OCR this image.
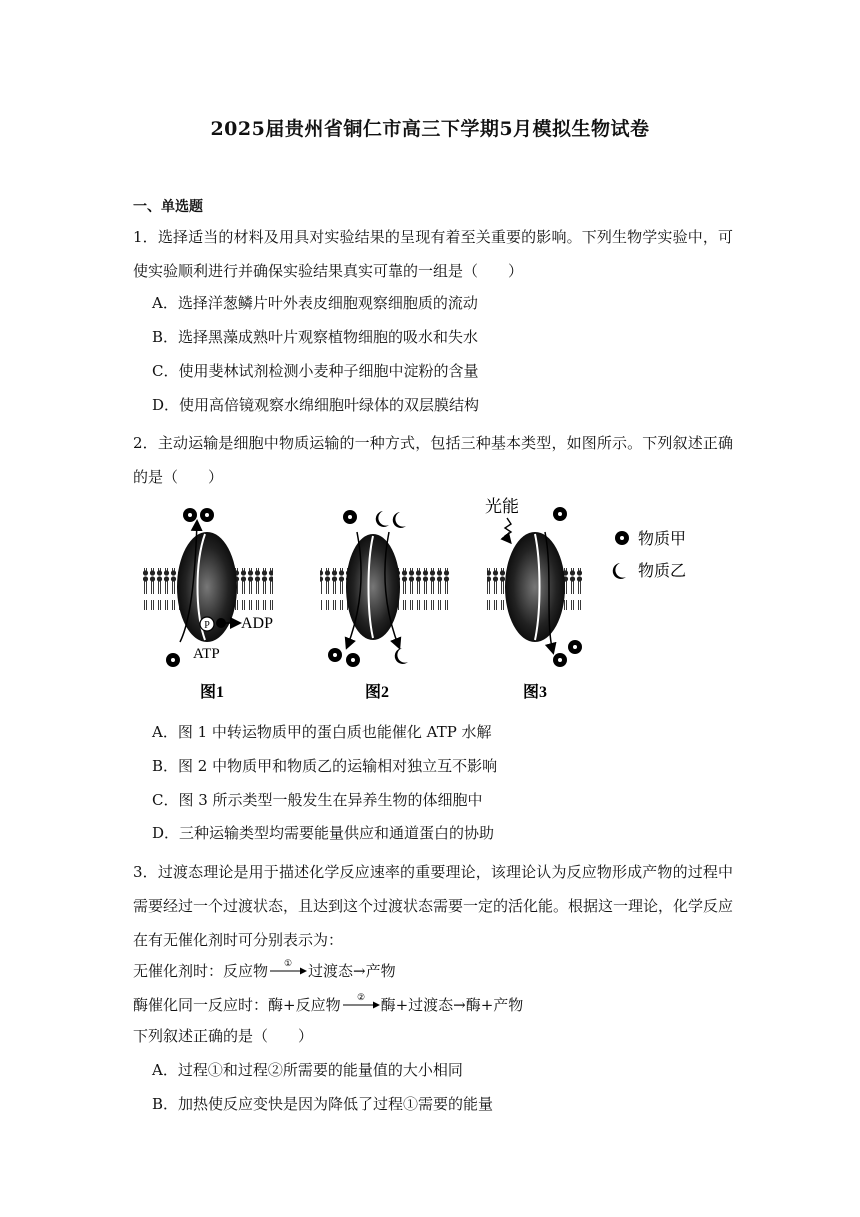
2025届贵州省铜仁市高三下学期5月模拟生物试卷
一、单选题
1．选择适当的材料及用具对实验结果的呈现有着至关重要的影响。下列生物学实验中，可使实验顺利进行并确保实验结果真实可靠的一组是（　　）
A．选择洋葱鳞片叶外表皮细胞观察细胞质的流动
B．选择黑藻成熟叶片观察植物细胞的吸水和失水
C．使用斐林试剂检测小麦种子细胞中淀粉的含量
D．使用高倍镜观察水绵细胞叶绿体的双层膜结构
2．主动运输是细胞中物质运输的一种方式，包括三种基本类型，如图所示。下列叙述正确的是（　　）
P ADP
ATP
图1	图2
光能
图3
物质甲
物质乙
A．图 1 中转运物质甲的蛋白质也能催化 ATP 水解
B．图 2 中物质甲和物质乙的运输相对独立互不影响
C．图 3 所示类型一般发生在异养生物的体细胞中
D．三种运输类型均需要能量供应和通道蛋白的协助
3．过渡态理论是用于描述化学反应速率的重要理论，该理论认为反应物形成产物的过程中需要经过一个过渡状态，且达到这个过渡状态需要一定的活化能。根据这一理论，化学反应在有无催化剂时可分别表示为：
无催化剂时：反应物 ① 过渡态→产物
酶催化同一反应时：酶+反应物 ② 酶+过渡态→酶+产物
下列叙述正确的是（　　）
A．过程①和过程②所需要的能量值的大小相同
B．加热使反应变快是因为降低了过程①需要的能量
